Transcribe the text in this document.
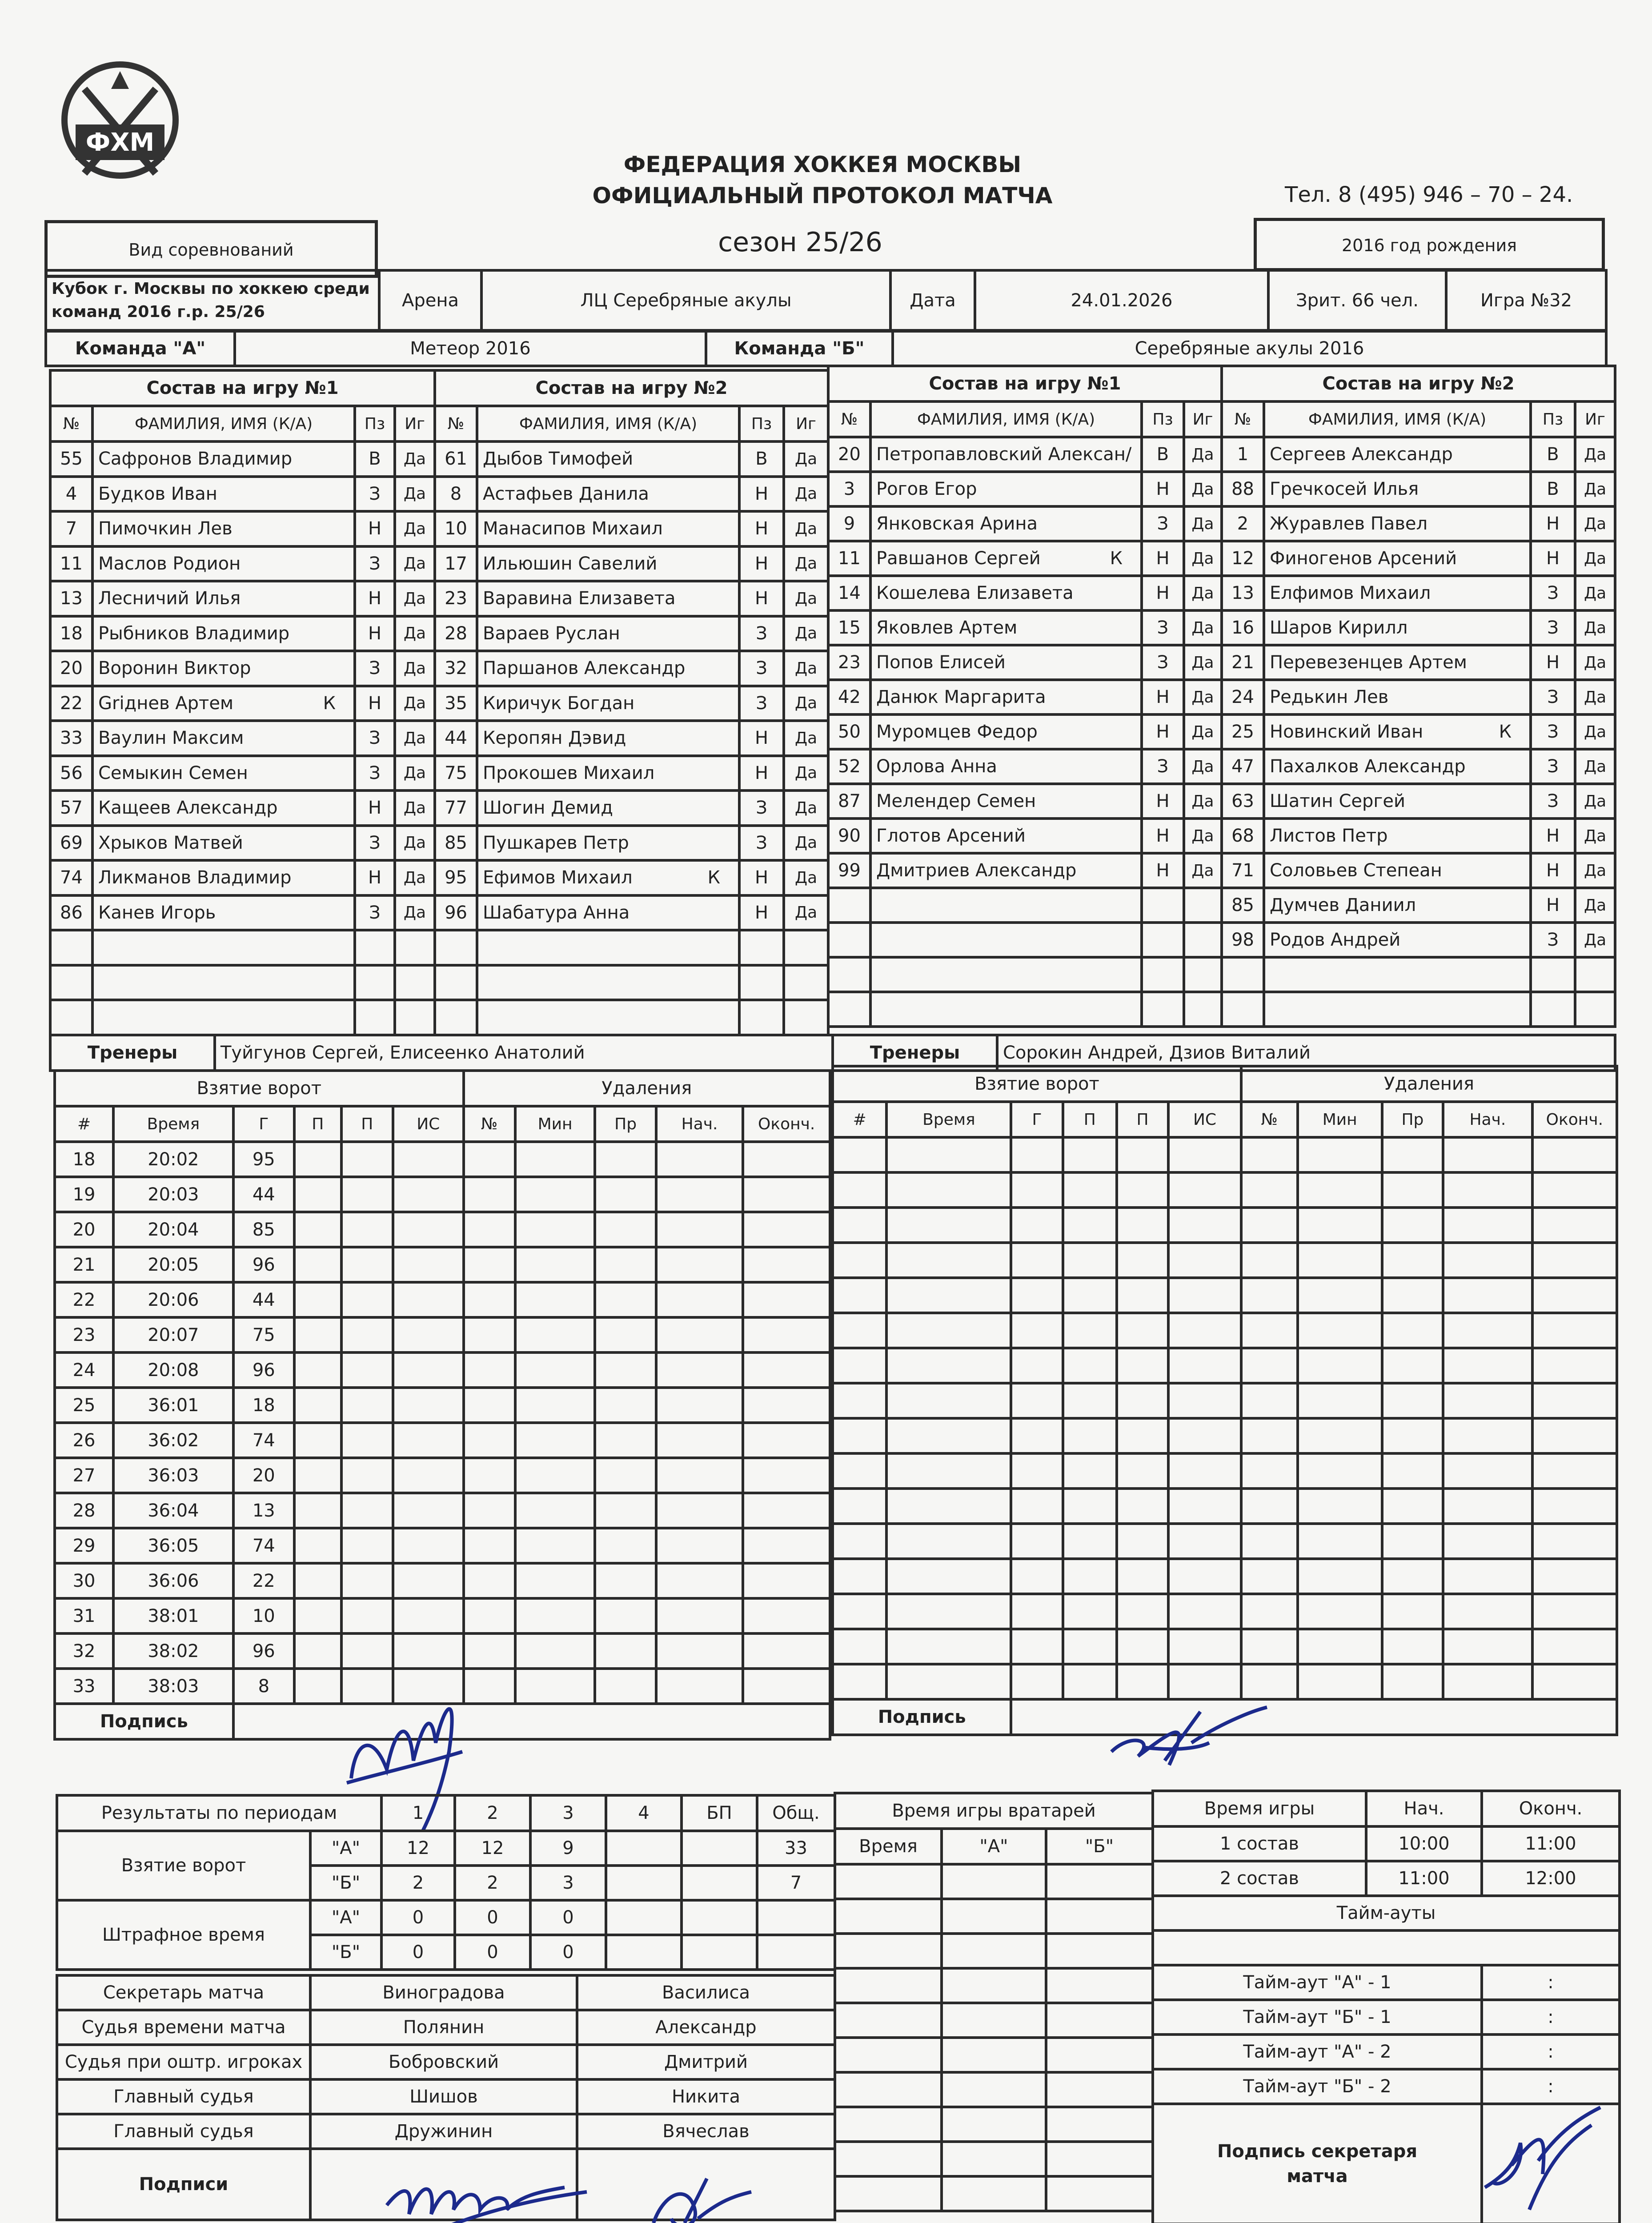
ФХМ
ФЕДЕРАЦИЯ ХОККЕЯ МОСКВЫ
ОФИЦИАЛЬНЫЙ ПРОТОКОЛ МАТЧА	Тел. 8 (495) 946 – 70 – 24.
Вид соревнований	сезон 25/26	2016 год рождения
Кубок г. Москвы по хоккею среди команд 2016 г.р. 25/26	Арена	ЛЦ Серебряные акулы	Дата	24.01.2026	Зрит. 66 чел.	Игра №32
Команда "А"	Метеор 2016	Команда "Б"	Серебряные акулы 2016
Состав на игру №1				Состав на игру №2			
№	ФАМИЛИЯ, ИМЯ (К/А)	Пз	Иг	№	ФАМИЛИЯ, ИМЯ (К/А)	Пз	Иг
55	Сафронов Владимир	В	Да	61	Дыбов Тимофей	В	Да
4	Будков Иван	З	Да	8	Астафьев Данила	Н	Да
7	Пимочкин Лев	Н	Да	10	Манасипов Михаил	Н	Да
11	Маслов Родион	З	Да	17	Ильюшин Савелий	Н	Да
13	Лесничий Илья	Н	Да	23	Варавина Елизавета	Н	Да
18	Рыбников Владимир	Н	Да	28	Вараев Руслан	З	Да
20	Воронин Виктор	З	Да	32	Паршанов Александр	З	Да
22	Griднев Артем К	Н	Да	35	Киричук Богдан	З	Да
33	Ваулин Максим	З	Да	44	Керопян Дэвид	Н	Да
56	Семыкин Семен	З	Да	75	Прокошев Михаил	Н	Да
57	Кащеев Александр	Н	Да	77	Шогин Демид	З	Да
69	Хрыков Матвей	З	Да	85	Пушкарев Петр	З	Да
74	Ликманов Владимир	Н	Да	95	Ефимов Михаил К	Н	Да
86	Канев Игорь	З	Да	96	Шабатура Анна	Н	Да

Состав на игру №1				Состав на игру №2			
№	ФАМИЛИЯ, ИМЯ (К/А)	Пз	Иг	№	ФАМИЛИЯ, ИМЯ (К/А)	Пз	Иг
20	Петропавловский Алексан/	В	Да	1	Сергеев Александр	В	Да
3	Рогов Егор	Н	Да	88	Гречкосей Илья	В	Да
9	Янковская Арина	З	Да	2	Журавлев Павел	Н	Да
11	Равшанов Сергей К	Н	Да	12	Финогенов Арсений	Н	Да
14	Кошелева Елизавета	Н	Да	13	Елфимов Михаил	З	Да
15	Яковлев Артем	З	Да	16	Шаров Кирилл	З	Да
23	Попов Елисей	З	Да	21	Перевезенцев Артем	Н	Да
42	Данюк Маргарита	Н	Да	24	Редькин Лев	З	Да
50	Муромцев Федор	Н	Да	25	Новинский Иван К	З	Да
52	Орлова Анна	З	Да	47	Пахалков Александр	З	Да
87	Мелендер Семен	Н	Да	63	Шатин Сергей	З	Да
90	Глотов Арсений	Н	Да	68	Листов Петр	Н	Да
99	Дмитриев Александр	Н	Да	71	Соловьев Степеан	Н	Да
				85	Думчев Даниил	Н	Да
				98	Родов Андрей	З	Да

Тренеры	Туйгунов Сергей, Елисеенко Анатолий	Тренеры	Сорокин Андрей, Дзиов Виталий
Взятие ворот						Удаления				
#	Время	Г	П	П	ИС	№	Мин	Пр	Нач.	Оконч.
18	20:02	95								
19	20:03	44								
20	20:04	85								
21	20:05	96								
22	20:06	44								
23	20:07	75								
24	20:08	96								
25	36:01	18								
26	36:02	74								
27	36:03	20								
28	36:04	13								
29	36:05	74								
30	36:06	22								
31	38:01	10								
32	38:02	96								
33	38:03	8								
Подпись										
Взятие ворот						Удаления				
#	Время	Г	П	П	ИС	№	Мин	Пр	Нач.	Оконч.

Подпись										
Результаты по периодам		1	2	3	4	БП	Общ.
Взятие ворот	"А"	12	12	9			33
	"Б"	2	2	3			7
Штрафное время	"А"	0	0	0			
	"Б"	0	0	0			
Секретарь матча	Виноградова	Василиса
Судья времени матча	Полянин	Александр
Судья при оштр. игроках	Бобровский	Дмитрий
Главный судья	Шишов	Никита
Главный судья	Дружинин	Вячеслав
Подписи		
Время игры вратарей		
Время	"А"	"Б"

Время игры	Нач.	Оконч.
1 состав	10:00	11:00
2 состав	11:00	12:00
Тайм-ауты		

Тайм-аут "А" - 1		:
Тайм-аут "Б" - 1		:
Тайм-аут "А" - 2		:
Тайм-аут "Б" - 2		:
Подпись секретаря матча		
